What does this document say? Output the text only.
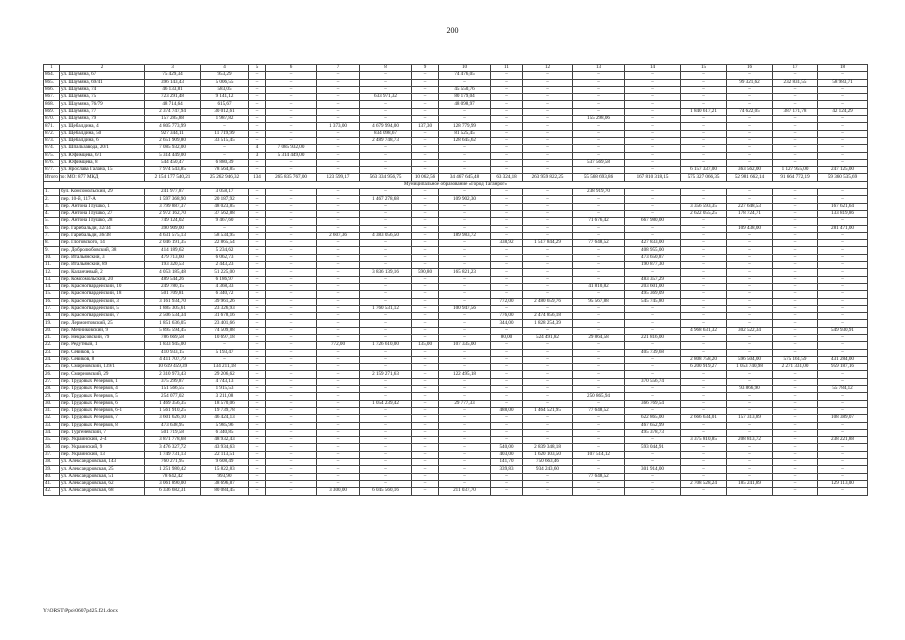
200
1	2	3	4	5	6	7	8	9	10	11	12	13	14	15	16	17	18
864.	ул. Шаумяна, 67	75 429,34	953,29	–	–	–	–	–	74 476,05	–	–	–	–	–	–	–	–
865.	ул. Шаумяна, 69/41	396 143,43	5 006,55	–	–	–	–	–	–	–	–	–	–	–	99 321,62	232 831,55	58 983,71
866.	ул. Шаумяна, 74	46 133,81	583,05	–	–	–	–	–	45 550,76	–	–	–	–	–	–	–	–
867.	ул. Шаумяна, 75	723 291,48	9 141,12	–	–	–	633 971,32	–	80 179,04	–	–	–	–	–	–	–	–
868.	ул. Шаумяна, 76/79	48 714,64	615,67	–	–	–	–	–	48 098,97	–	–	–	–	–	–	–	–
869.	ул. Шаумяна, 77	2 374 747,94	30 012,61	–	–	–	–	–	–	–	–	–	–	1 840 617,21	74 622,05	387 171,78	42 124,29
870.	ул. Шаумяна, 79	157 285,88	1 987,82	–	–	–	–	–	–	–	–	155 298,06	–	–	–	–	–
871.	ул. Щебалдина, 4	4 805 773,99	–	–	–	1 373,00	4 679 994,00	137,30	128 779,99	–	–	–	–	–	–	–	–
872.	ул. Щебалдина, 50	927 344,11	11 719,99	–	–	–	834 098,67	–	81 525,45	–	–	–	–	–	–	–	–
873.	ул. Щебалдина, 6	2 651 909,80	33 515,45	–	–	–	2 489 748,73	–	128 645,62	–	–	–	–	–	–	–	–
874.	ул. Шпальзавода, 20/1	7 085 932,00	–	4	7 085 932,00	–	–	–	–	–	–	–	–	–	–	–	–
875.	ул. Юфимцева, 6/1	5 314 449,00	–	3	5 314 449,00	–	–	–	–	–	–	–	–	–	–	–	–
876.	ул. Юфимцева, 8	544 450,47	6 880,39	–	–	–	–	–	–	–	–	537 569,58	–	–	–	–	–
877.	ул. Ярослава Галана, 15	7 974 543,85	78 564,85	–	–	–	–	–	–	–	–	–	–	6 157 337,00	363 562,00	1 127 955,00	247 125,00
Итого по: МО: 877 МКД		2 154 177 540,21	25 262 946,32	134	265 835 767,00	123 599,17	563 334 956,75	10 062,56	34 467 645,48	63 324,18	263 959 822,25	55 568 693,86	167 810 318,15	575 327 066,35	52 981 662,14	91 664 772,19	59 360 535,69
Муниципальное образование «Город Таганрог»																	
1.	бул. Комсомольский, 29	241 977,87	3 058,17	–	–	–	–	–	–	–	–	238 919,70	–	–	–	–	–
2.	пер. 10-й, 117-А	1 597 368,90	20 187,92	–	–	–	1 467 278,68	–	109 902,30	–	–	–	–	–	–	–	–
3.	пер. Антона Глушко, 1	3 799 887,37	48 023,85	–	–	–	–	–	–	–	–	–	–	3 356 593,35	227 648,53	–	167 621,64
4.	пер. Антона Глушко, 27	2 972 162,70	37 562,88	–	–	–	–	–	–	–	–	–	–	2 622 055,25	178 724,71	–	133 819,86
5.	пер. Антона Глушко, 28	749 124,02	9 467,60	–	–	–	–	–	–	–	–	71 676,42	667 980,00	–	–	–	–
6.	пер. Гарибальди, 32/34	390 909,00	–	–	–	–	–	–	–	–	–	–	–	–	109 438,00	–	281 471,00
7.	пер. Гарибальди, 36/38	4 631 575,13	58 534,95	–	–	2 607,36	4 383 056,50	–	189 983,72	–	–	–	–	–	–	–	–
8.	пер. Глоговского, 14	2 046 191,35	22 865,54	–	–	–	–	–	–	338,92	1 517 844,29	77 648,52	427 833,00	–	–	–	–
9.	пер. Добролюбовский, 38	414 189,62	5 234,62	–	–	–	–	–	–	–	–	–	408 955,00	–	–	–	–
10.	пер. Итальянский, 3	479 713,60	6 062,73	–	–	–	–	–	–	–	–	–	473 650,87	–	–	–	–
11.	пер. Итальянский, 89	193 320,53	2 443,23	–	–	–	–	–	–	–	–	–	190 877,30	–	–	–	–
12.	пер. Каланчевый, 2	4 053 185,48	51 225,00	–	–	–	3 836 139,16	590,80	165 821,23	–	–	–	–	–	–	–	–
13.	пер. Комсомольский, 20	489 544,26	6 186,97	–	–	–	–	–	–	–	–	–	483 357,29	–	–	–	–
14.	пер. Красногвардейский, 10	249 780,15	4 368,33	–	–	–	–	–	–	–	–	41 810,82	203 601,00	–	–	–	–
15.	пер. Красногвардейский, 18	501 709,81	6 340,72	–	–	–	–	–	–	–	–	–	495 369,09	–	–	–	–
16.	пер. Красногвардейский, 3	3 161 934,70	39 961,26	–	–	–	–	–	–	772,00	2 480 659,76	95 567,88	545 745,80	–	–	–	–
17.	пер. Красногвардейский, 5	1 885 305,61	23 326,93	–	–	–	1 760 531,12	–	100 947,56	–	–	–	–	–	–	–	–
18.	пер. Красногвардейский, 7	2 506 534,34	31 678,16	–	–	–	–	–	–	776,00	2 474 856,18	–	–	–	–	–	–
19.	пер. Лермонтовский, 25	1 851 636,05	23 401,66	–	–	–	–	–	–	344,00	1 828 254,39	–	–	–	–	–	–
20.	пер. Мечниковский, 9	5 895 594,45	74 509,88	–	–	–	–	–	–	–	–	–	–	4 968 631,32	302 522,34	–	549 930,91
21.	пер. Некрасовский, 79	786 669,58	10 697,18	–	–	–	–	–	–	80,00	524 491,82	29 864,58	221 816,00	–	–	–	–
22.	пер. Редутный, 1	1 833 945,00	–	–	–	772,00	1 726 610,00	135,00	107 335,00	–	–	–	–	–	–	–	–
23.	пер. Севиков, 5	410 933,15	5 193,47	–	–	–	–	–	–	–	–	–	405 739,68	–	–	–	–
24.	пер. Севиков, 8	4 411 707,79	–	–	–	–	–	–	–	–	–	–	–	2 808 758,20	596 504,00	575 161,59	431 284,00
25.	пер. Смирновский, 139/1	10 619 459,39	134 211,18	–	–	–	–	–	–	–	–	–	–	6 200 919,27	1 053 740,98	2 271 331,00	959 187,16
26.	пер. Смирновский, 29	2 310 973,43	29 206,62	–	–	–	2 159 271,63	–	122 495,18	–	–	–	–	–	–	–	–
27.	пер. Трудовых Резервов, 1	375 299,87	4 743,13	–	–	–	–	–	–	–	–	–	370 556,74	–	–	–	–
28.	пер. Трудовых Резервов, 4	151 566,55	1 915,53	–	–	–	–	–	–	–	–	–	–	–	93 866,90	–	55 784,12
29.	пер. Трудовых Резервов, 5	254 077,02	3 211,08	–	–	–	–	–	–	–	–	250 865,94	–	–	–	–	–
30.	пер. Трудовых Резервов, 6	1 469 356,35	18 570,06	–	–	–	1 054 239,42	–	29 777,33	–	–	–	366 769,54	–	–	–	–
31.	пер. Трудовых Резервов, 6-1	1 561 910,25	19 739,78	–	–	–	–	–	–	488,00	1 464 521,95	77 648,52	–	–	–	–	–
32.	пер. Трудовых Резервов, 7	3 601 626,10	46 424,13	–	–	–	–	–	–	–	–	–	622 865,00	2 666 634,01	157 313,89	–	108 389,07
33.	пер. Трудовых Резервов, 8	473 638,95	5 985,96	–	–	–	–	–	–	–	–	–	467 652,99	–	–	–	–
34.	пер. Тургеневский, 7	501 719,58	6 340,85	–	–	–	–	–	–	–	–	–	495 378,73	–	–	–	–
35.	пер. Украинский, 2-4	3 871 778,68	48 932,43	–	–	–	–	–	–	–	–	–	–	3 375 810,85	208 813,72	–	238 221,88
36.	пер. Украинский, 9	3 476 327,72	43 934,63	–	–	–	–	–	–	540,00	2 839 348,18	–	593 044,91	–	–	–	–
37.	пер. Украинский, 13	1 749 731,13	22 113,51	–	–	–	–	–	–	403,00	1 620 103,50	107 514,12	–	–	–	–	–
38.	ул. Александровская, 143	760 271,95	9 608,49	–	–	–	–	–	–	141,70	750 663,46	–	–	–	–	–	–
39.	ул. Александровская, 25	1 251 980,42	15 822,83	–	–	–	–	–	–	339,83	934 243,60	–	301 914,00	–	–	–	–
40.	ул. Александровская, 51	78 642,42	993,90	–	–	–	–	–	–	–	–	77 648,52	–	–	–	–	–
41.	ул. Александровская, 62	3 061 890,00	38 696,87	–	–	–	–	–	–	–	–	–	–	2 708 528,24	185 241,89	–	129 113,00
42.	ул. Александровская, 68	6 336 682,31	80 084,45	–	–	3 300,00	6 045 560,16	–	211 037,70	–	–	–	–	–	–	–	–
Y:\ORST\Ppo\0607p425.f21.docx
